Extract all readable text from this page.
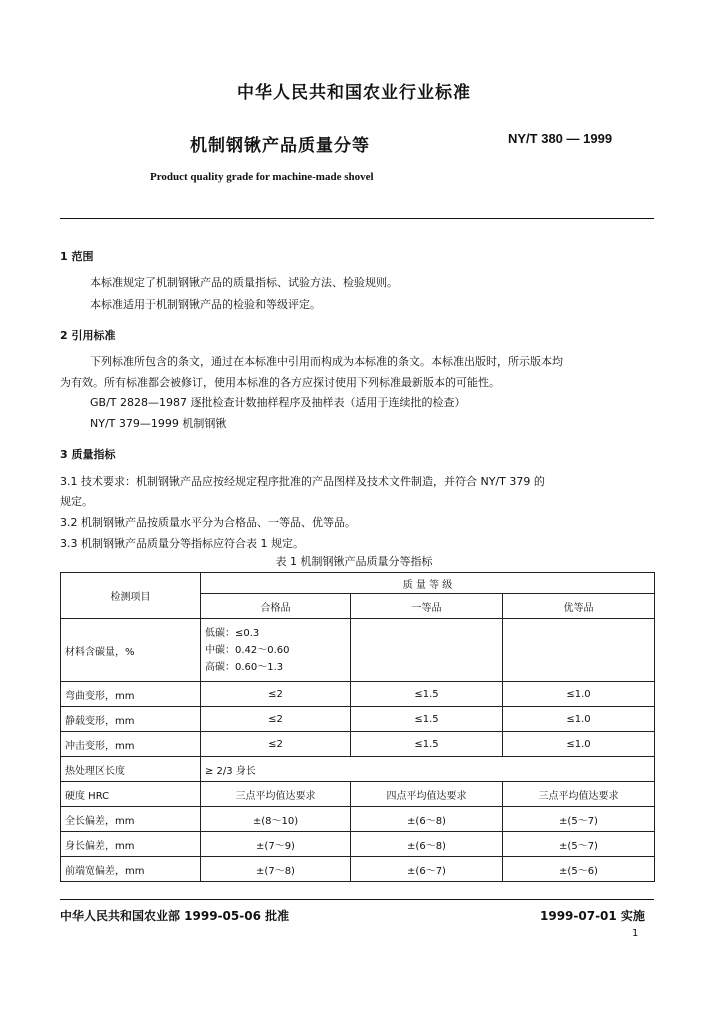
中华人民共和国农业行业标准
机制钢锹产品质量分等	NY/T 380 — 1999
Product quality grade for machine-made shovel
1 范围
本标准规定了机制钢锹产品的质量指标、试验方法、检验规则。
本标准适用于机制钢锹产品的检验和等级评定。
2 引用标准
下列标准所包含的条文，通过在本标准中引用而构成为本标准的条文。本标准出版时，所示版本均
为有效。所有标准都会被修订，使用本标准的各方应探讨使用下列标准最新版本的可能性。
GB/T 2828—1987 逐批检查计数抽样程序及抽样表（适用于连续批的检查）
NY/T 379—1999 机制钢锹
3 质量指标
3.1 技术要求：机制钢锹产品应按经规定程序批准的产品图样及技术文件制造，并符合 NY/T 379 的
规定。
3.2 机制钢锹产品按质量水平分为合格品、一等品、优等品。
3.3 机制钢锹产品质量分等指标应符合表 1 规定。
表 1 机制钢锹产品质量分等指标
检测项目	质 量 等 级		
	合格品	一等品	优等品
材料含碳量，%	低碳：≤0.3
中碳：0.42～0.60
高碳：0.60～1.3		

弯曲变形，mm	≤2	≤1.5	≤1.0
静载变形，mm	≤2	≤1.5	≤1.0
冲击变形，mm	≤2	≤1.5	≤1.0
热处理区长度	≥ 2/3 身长		
硬度 HRC	三点平均值达要求	四点平均值达要求	三点平均值达要求
全长偏差，mm	±(8～10)	±(6～8)	±(5～7)
身长偏差，mm	±(7～9)	±(6～8)	±(5～7)
前端宽偏差，mm	±(7～8)	±(6～7)	±(5～6)
中华人民共和国农业部 1999-05-06 批准	1999-07-01 实施
1
